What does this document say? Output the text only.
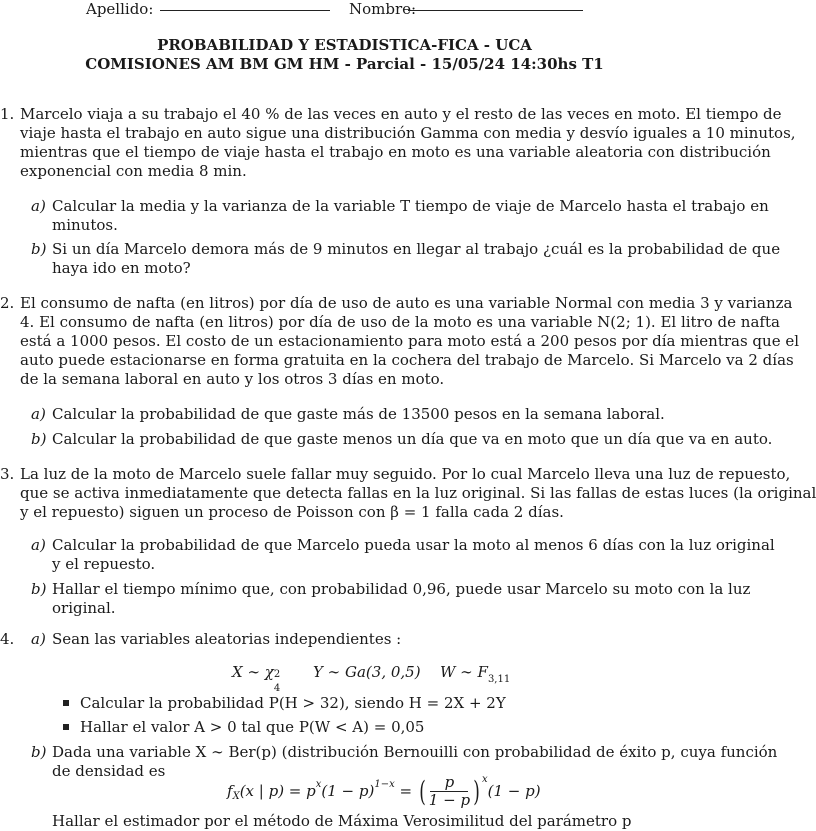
Apellido:	Nombre:
PROBABILIDAD Y ESTADISTICA-FICA - UCA
COMISIONES AM BM GM HM - Parcial - 15/05/24 14:30hs T1
1. Marcelo viaja a su trabajo el 40 % de las veces en auto y el resto de las veces en moto. El tiempo de
viaje hasta el trabajo en auto sigue una distribución Gamma con media y desvío iguales a 10 minutos,
mientras que el tiempo de viaje hasta el trabajo en moto es una variable aleatoria con distribución
exponencial con media 8 min.
a) Calcular la media y la varianza de la variable T tiempo de viaje de Marcelo hasta el trabajo en
minutos.
b) Si un día Marcelo demora más de 9 minutos en llegar al trabajo ¿cuál es la probabilidad de que
haya ido en moto?
2. El consumo de nafta (en litros) por día de uso de auto es una variable Normal con media 3 y varianza
4. El consumo de nafta (en litros) por día de uso de la moto es una variable N(2; 1). El litro de nafta
está a 1000 pesos. El costo de un estacionamiento para moto está a 200 pesos por día mientras que el
auto puede estacionarse en forma gratuita en la cochera del trabajo de Marcelo. Si Marcelo va 2 días
de la semana laboral en auto y los otros 3 días en moto.
a) Calcular la probabilidad de que gaste más de 13500 pesos en la semana laboral.
b) Calcular la probabilidad de que gaste menos un día que va en moto que un día que va en auto.
3. La luz de la moto de Marcelo suele fallar muy seguido. Por lo cual Marcelo lleva una luz de repuesto,
que se activa inmediatamente que detecta fallas en la luz original. Si las fallas de estas luces (la original
y el repuesto) siguen un proceso de Poisson con β = 1 falla cada 2 días.
a) Calcular la probabilidad de que Marcelo pueda usar la moto al menos 6 días con la luz original
y el repuesto.
b) Hallar el tiempo mínimo que, con probabilidad 0,96, puede usar Marcelo su moto con la luz
original.
4. a) Sean las variables aleatorias independientes :
X ∼ χ 2
4
Y ∼ Ga(3, 0,5) W ∼ $F_{3,11}$
Calcular la probabilidad P(H > 32), siendo H = 2X + 2Y
Hallar el valor A > 0 tal que P(W < A) = 0,05
b) Dada una variable X ∼ Ber(p) (distribución Bernouilli con probabilidad de éxito p, cuya función
de densidad es
f X (x | p) = p x (1 − p) 1−x = ( p
1 − p ) x
(1 − p)
Hallar el estimador por el método de Máxima Verosimilitud del parámetro p
